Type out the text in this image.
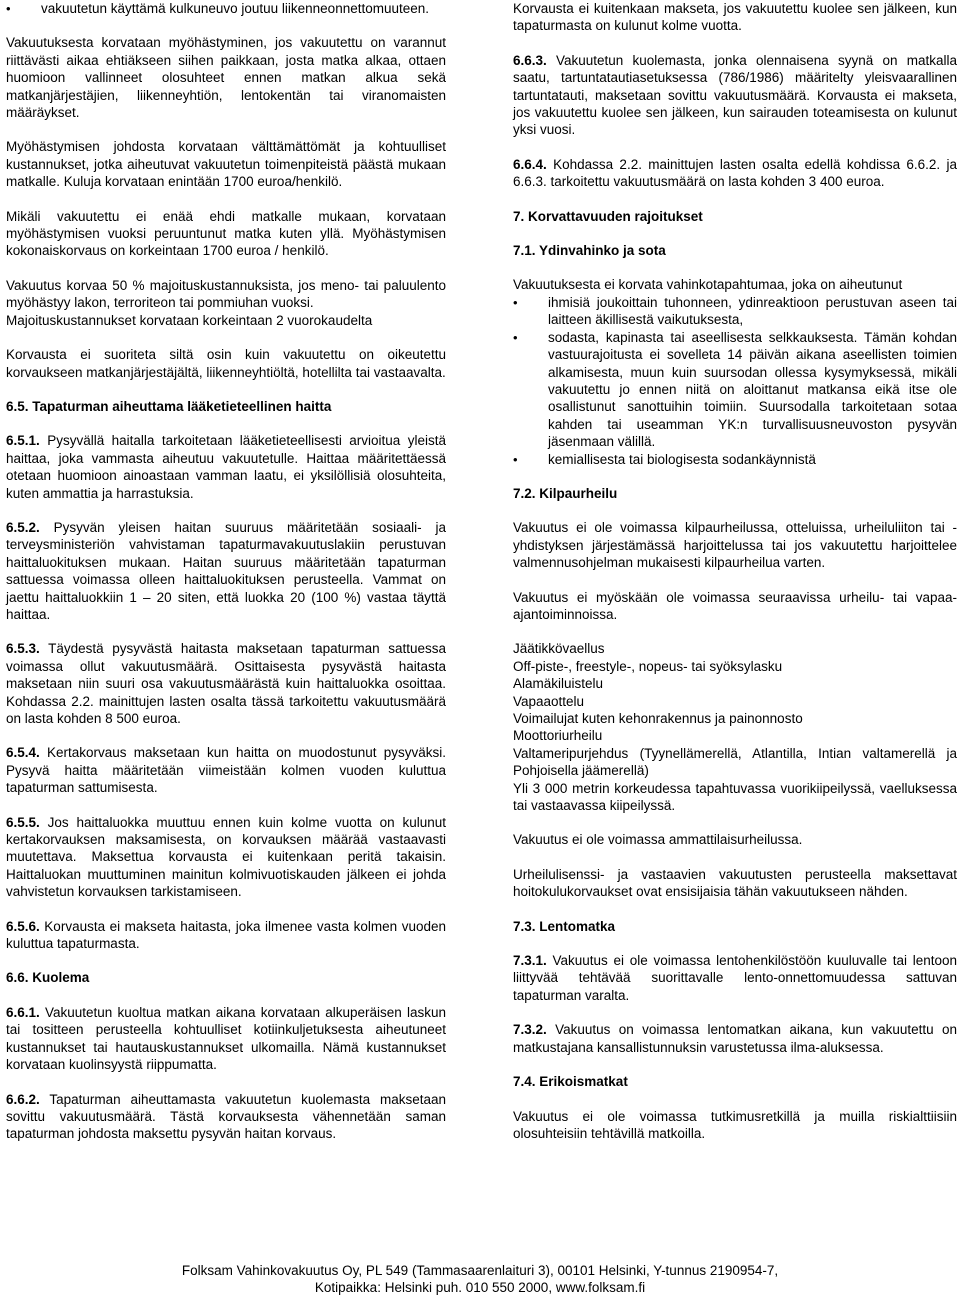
•	vakuutetun käyttämä kulkuneuvo joutuu liikenneonnettomuuteen.

Vakuutuksesta korvataan myöhästyminen, jos vakuutettu on varannut riittävästi aikaa ehtiäkseen siihen paikkaan, josta matka alkaa, ottaen huomioon vallinneet olosuhteet ennen matkan alkua sekä matkanjärjestäjien, liikenneyhtiön, lentokentän tai viranomaisten määräykset.

Myöhästymisen johdosta korvataan välttämättömät ja kohtuulliset kustannukset, jotka aiheutuvat vakuutetun toimenpiteistä päästä mukaan matkalle. Kuluja korvataan enintään 1700 euroa/henkilö.

Mikäli vakuutettu ei enää ehdi matkalle mukaan, korvataan myöhästymisen vuoksi peruuntunut matka kuten yllä. Myöhästymisen kokonaiskorvaus on korkeintaan 1700 euroa / henkilö.

Vakuutus korvaa 50 % majoituskustannuksista, jos meno- tai paluulento myöhästyy lakon, terroriteon tai pommiuhan vuoksi.

Majoituskustannukset korvataan korkeintaan 2 vuorokaudelta

Korvausta ei suoriteta siltä osin kuin vakuutettu on oikeutettu korvaukseen matkanjärjestäjältä, liikenneyhtiöltä, hotellilta tai vastaavalta.

6.5. Tapaturman aiheuttama lääketieteellinen haitta

6.5.1. Pysyvällä haitalla tarkoitetaan lääketieteellisesti arvioitua yleistä haittaa, joka vammasta aiheutuu vakuutetulle. Haittaa määritettäessä otetaan huomioon ainoastaan vamman laatu, ei yksilöllisiä olosuhteita, kuten ammattia ja harrastuksia.

6.5.2. Pysyvän yleisen haitan suuruus määritetään sosiaali- ja terveysministeriön vahvistaman tapaturmavakuutuslakiin perustuvan haittaluokituksen mukaan. Haitan suuruus määritetään tapaturman sattuessa voimassa olleen haittaluokituksen perusteella. Vammat on jaettu haittaluokkiin 1 – 20 siten, että luokka 20 (100 %) vastaa täyttä haittaa.

6.5.3. Täydestä pysyvästä haitasta maksetaan tapaturman sattuessa voimassa ollut vakuutusmäärä. Osittaisesta pysyvästä haitasta maksetaan niin suuri osa vakuutusmäärästä kuin haittaluokka osoittaa. Kohdassa 2.2. mainittujen lasten osalta tässä tarkoitettu vakuutusmäärä on lasta kohden 8 500 euroa.

6.5.4. Kertakorvaus maksetaan kun haitta on muodostunut pysyväksi. Pysyvä haitta määritetään viimeistään kolmen vuoden kuluttua tapaturman sattumisesta.

6.5.5. Jos haittaluokka muuttuu ennen kuin kolme vuotta on kulunut kertakorvauksen maksamisesta, on korvauksen määrää vastaavasti muutettava. Maksettua korvausta ei kuitenkaan peritä takaisin. Haittaluokan muuttuminen mainitun kolmivuotiskauden jälkeen ei johda vahvistetun korvauksen tarkistamiseen.

6.5.6. Korvausta ei makseta haitasta, joka ilmenee vasta kolmen vuoden kuluttua tapaturmasta.

6.6. Kuolema

6.6.1. Vakuutetun kuoltua matkan aikana korvataan alkuperäisen laskun tai tositteen perusteella kohtuulliset kotiinkuljetuksesta aiheutuneet kustannukset tai hautauskustannukset ulkomailla. Nämä kustannukset korvataan kuolinsyystä riippumatta.

6.6.2. Tapaturman aiheuttamasta vakuutetun kuolemasta maksetaan sovittu vakuutusmäärä. Tästä korvauksesta vähennetään saman tapaturman johdosta maksettu pysyvän haitan korvaus.

Korvausta ei kuitenkaan makseta, jos vakuutettu kuolee sen jälkeen, kun tapaturmasta on kulunut kolme vuotta.

6.6.3. Vakuutetun kuolemasta, jonka olennaisena syynä on matkalla saatu, tartuntatautiasetuksessa (786/1986) määritelty yleisvaarallinen tartuntatauti, maksetaan sovittu vakuutusmäärä. Korvausta ei makseta, jos vakuutettu kuolee sen jälkeen, kun sairauden toteamisesta on kulunut yksi vuosi.

6.6.4. Kohdassa 2.2. mainittujen lasten osalta edellä kohdissa 6.6.2. ja 6.6.3. tarkoitettu vakuutusmäärä on lasta kohden 3 400 euroa.

7. Korvattavuuden rajoitukset
7.1. Ydinvahinko ja sota

Vakuutuksesta ei korvata vahinkotapahtumaa, joka on aiheutunut

•	ihmisiä joukoittain tuhonneen, ydinreaktioon perustuvan aseen tai laitteen äkillisestä vaikutuksesta,
•	sodasta, kapinasta tai aseellisesta selkkauksesta. Tämän kohdan vastuurajoitusta ei sovelleta 14 päivän aikana aseellisten toimien alkamisesta, muun kuin suursodan ollessa kysymyksessä, mikäli vakuutettu jo ennen niitä on aloittanut matkansa eikä itse ole osallistunut sanottuihin toimiin. Suursodalla tarkoitetaan sotaa kahden tai useamman YK:n turvallisuusneuvoston pysyvän jäsenmaan välillä.
•	kemiallisesta tai biologisesta sodankäynnistä
7.2. Kilpaurheilu

Vakuutus ei ole voimassa kilpaurheilussa, otteluissa, urheiluliiton tai -yhdistyksen järjestämässä harjoittelussa tai jos vakuutettu harjoittelee valmennusohjelman mukaisesti kilpaurheilua varten.

Vakuutus ei myöskään ole voimassa seuraavissa urheilu- tai vapaa-ajantoiminnoissa.

Jäätikkövaellus
Off-piste-, freestyle-, nopeus- tai syöksylasku
Alamäkiluistelu
Vapaaottelu
Voimailujat kuten kehonrakennus ja painonnosto
Moottoriurheilu
Valtameripurjehdus (Tyynellämerellä, Atlantilla, Intian valtamerellä ja Pohjoisella jäämerellä)
Yli 3 000 metrin korkeudessa tapahtuvassa vuorikiipeilyssä, vaelluksessa tai vastaavassa kiipeilyssä.

Vakuutus ei ole voimassa ammattilaisurheilussa.

Urheilulisenssi- ja vastaavien vakuutusten perusteella maksettavat hoitokulukorvaukset ovat ensisijaisia tähän vakuutukseen nähden.

7.3. Lentomatka

7.3.1. Vakuutus ei ole voimassa lentohenkilöstöön kuuluvalle tai lentoon liittyvää tehtävää suorittavalle lento-onnettomuudessa sattuvan tapaturman varalta.

7.3.2. Vakuutus on voimassa lentomatkan aikana, kun vakuutettu on matkustajana kansallistunnuksin varustetussa ilma-aluksessa.

7.4. Erikoismatkat

Vakuutus ei ole voimassa tutkimusretkillä ja muilla riskialttiisiin olosuhteisiin tehtävillä matkoilla.

Folksam Vahinkovakuutus Oy, PL 549 (Tammasaarenlaiturі 3), 00101 Helsinki, Y-tunnus 2190954-7,
Kotipaikka: Helsinki puh. 010 550 2000, www.folksam.fi
